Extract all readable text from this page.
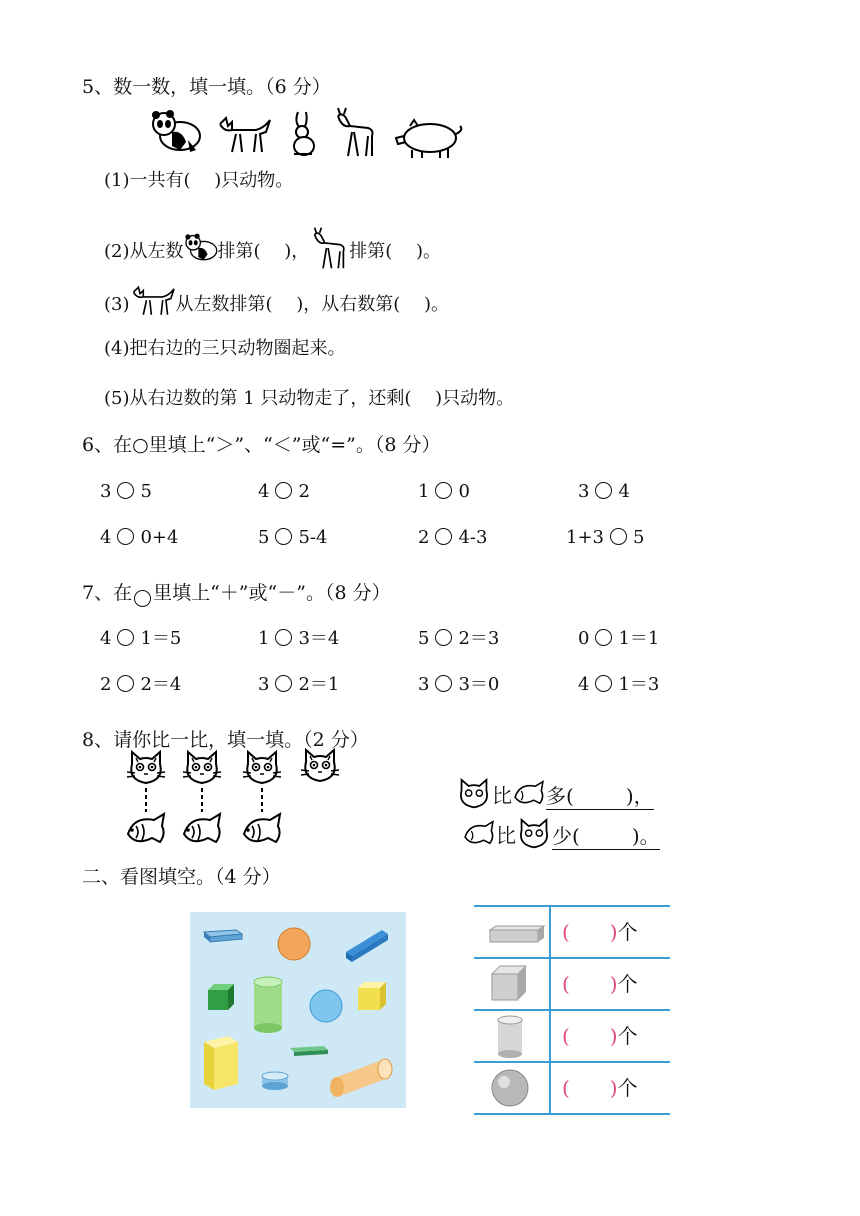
5、数一数，填一填。（6 分）
(1)一共有(　 )只动物。
(2)从左数 排第(　 )， 排第(　 )。
(3)	从左数排第(　 )，从右数第(　 )。
(4)把右边的三只动物圈起来。
(5)从右边数的第 1 只动物走了，还剩(　 )只动物。
6、在○里填上“＞”、“＜”或“=”。（8 分）
3 5	4 2	1 0	3 4
4 0+4	5 5-4	2 4-3	1+3 5
7、在 里填上“＋”或“－”。（8 分）
4 1＝5	1 3＝4	5 2＝3	0 1＝1
2 2＝4	3 2＝1	3 3＝0	4 1＝3
8、请你比一比，填一填。（2 分）
比 多(	)，
比 少(	)。
二、看图填空。（4 分）
(　　)个
(　　)个
(　　)个
(　　)个
